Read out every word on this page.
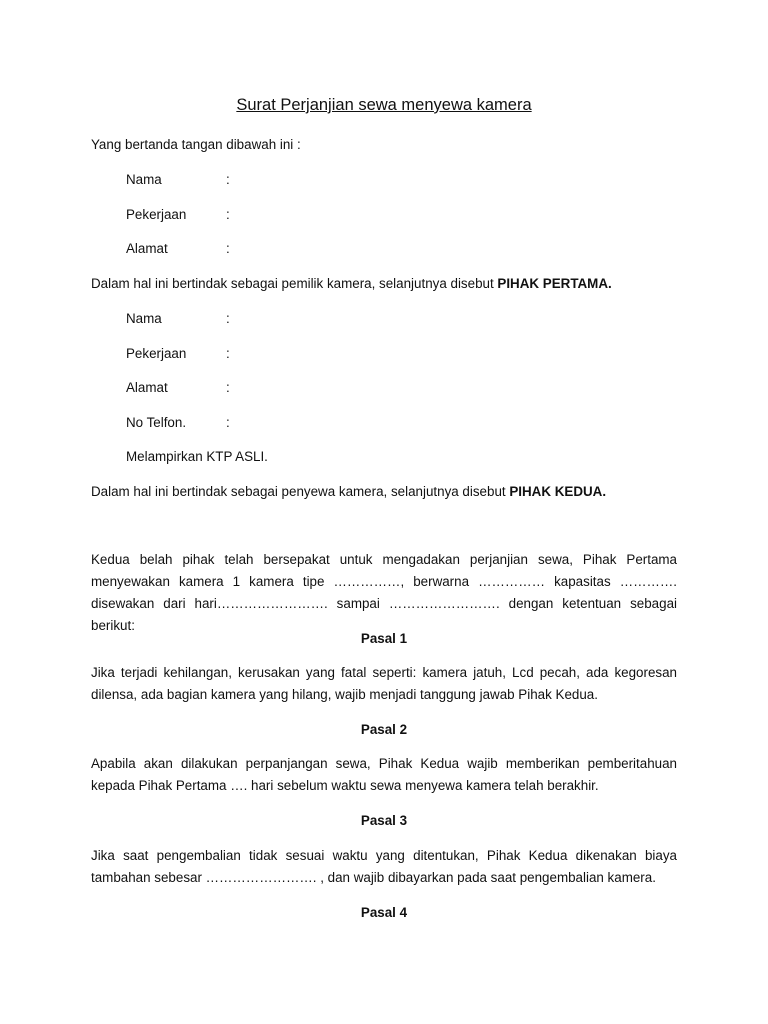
Surat Perjanjian sewa menyewa kamera
Yang bertanda tangan dibawah ini :
Nama	:
Pekerjaan	:
Alamat	:
Dalam hal ini bertindak sebagai pemilik kamera, selanjutnya disebut PIHAK PERTAMA.
Nama	:
Pekerjaan	:
Alamat	:
No Telfon.	:
Melampirkan KTP ASLI.
Dalam hal ini bertindak sebagai penyewa kamera, selanjutnya disebut PIHAK KEDUA.
Kedua belah pihak telah bersepakat untuk mengadakan perjanjian sewa, Pihak Pertama menyewakan kamera 1 kamera tipe ……………, berwarna …………… kapasitas …………. disewakan dari hari……………………. sampai ……………………. dengan ketentuan sebagai berikut:
Pasal 1
Jika terjadi kehilangan, kerusakan yang fatal seperti: kamera jatuh, Lcd pecah, ada kegoresan dilensa, ada bagian kamera yang hilang, wajib menjadi tanggung jawab Pihak Kedua.
Pasal 2
Apabila akan dilakukan perpanjangan sewa, Pihak Kedua wajib memberikan pemberitahuan kepada Pihak Pertama …. hari sebelum waktu sewa menyewa kamera telah berakhir.
Pasal 3
Jika saat pengembalian tidak sesuai waktu yang ditentukan, Pihak Kedua dikenakan biaya tambahan sebesar ……………………. , dan wajib dibayarkan pada saat pengembalian kamera.
Pasal 4
